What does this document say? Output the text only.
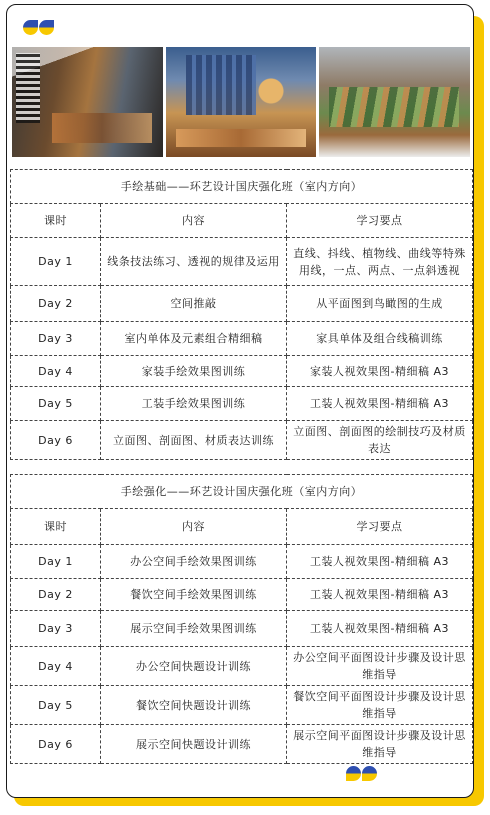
手绘基础——环艺设计国庆强化班（室内方向）		
课时	内容	学习要点
Day 1	线条技法练习、透视的规律及运用	直线、抖线、植物线、曲线等特殊用线，一点、两点、一点斜透视
Day 2	空间推敲	从平面图到鸟瞰图的生成
Day 3	室内单体及元素组合精细稿	家具单体及组合线稿训练
Day 4	家装手绘效果图训练	家装人视效果图-精细稿 A3
Day 5	工装手绘效果图训练	工装人视效果图-精细稿 A3
Day 6	立面图、剖面图、材质表达训练	立面图、剖面图的绘制技巧及材质表达
手绘强化——环艺设计国庆强化班（室内方向）		
课时	内容	学习要点
Day 1	办公空间手绘效果图训练	工装人视效果图-精细稿 A3
Day 2	餐饮空间手绘效果图训练	工装人视效果图-精细稿 A3
Day 3	展示空间手绘效果图训练	工装人视效果图-精细稿 A3
Day 4	办公空间快题设计训练	办公空间平面图设计步骤及设计思维指导
Day 5	餐饮空间快题设计训练	餐饮空间平面图设计步骤及设计思维指导
Day 6	展示空间快题设计训练	展示空间平面图设计步骤及设计思维指导
